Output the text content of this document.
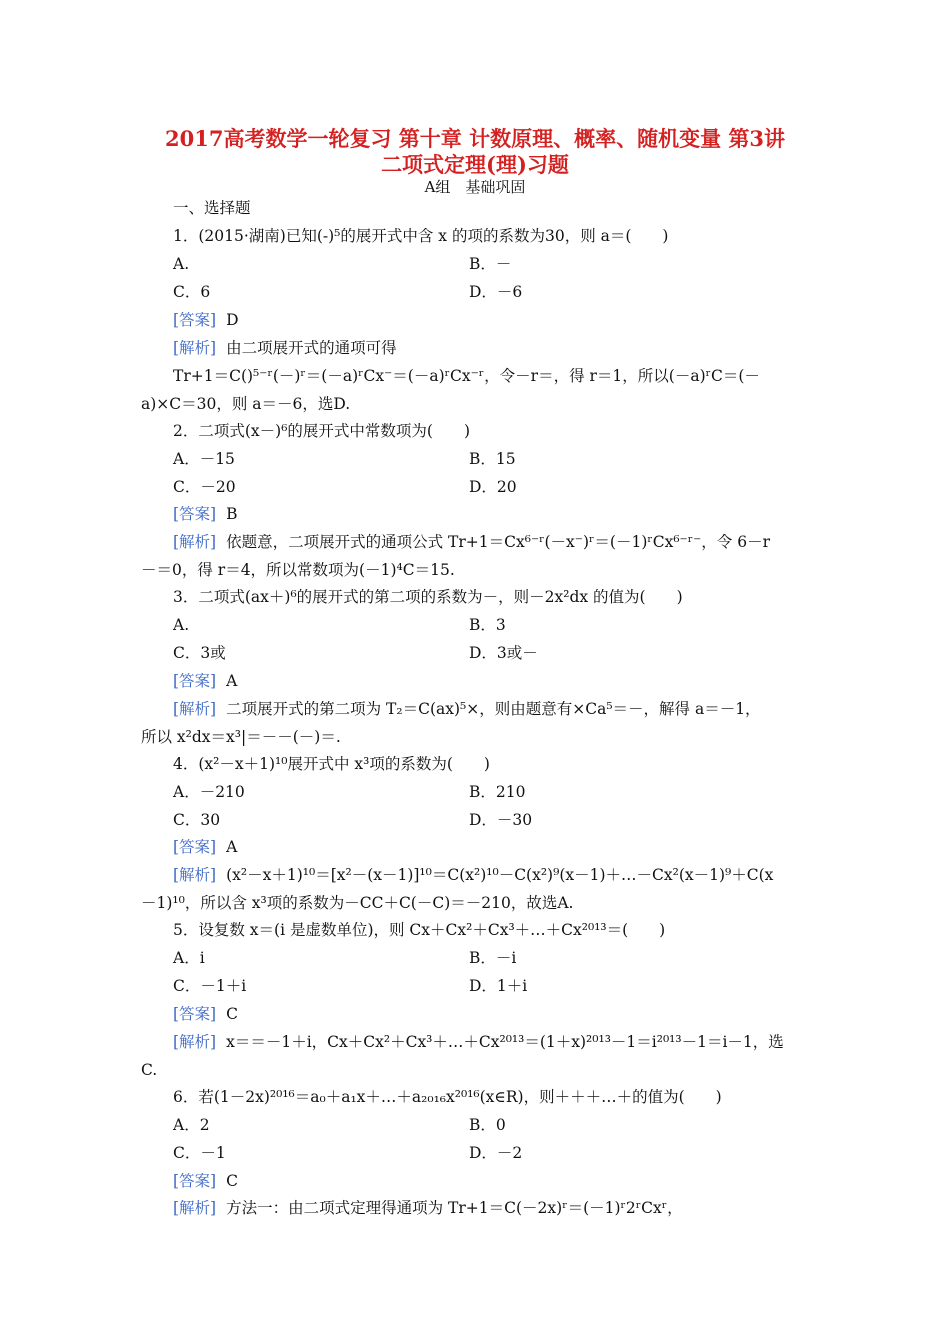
2017高考数学一轮复习 第十章 计数原理、概率、随机变量 第3讲
二项式定理(理)习题
A组　基础巩固
一、选择题
1．(2015·湖南)已知(-)⁵的展开式中含 x 的项的系数为30，则 a＝(　　)
A.	B．－
C．6	D．－6
[答案] D
[解析] 由二项展开式的通项可得
Tr+1＝C()⁵⁻ʳ(－)ʳ＝(－a)ʳCx⁻＝(－a)ʳCx⁻ʳ，令－r＝，得 r＝1，所以(－a)ʳC＝(－
a)×C＝30，则 a＝－6，选D.
2．二项式(x－)⁶的展开式中常数项为(　　)
A．－15	B．15
C．－20	D．20
[答案] B
[解析] 依题意，二项展开式的通项公式 Tr+1＝Cx⁶⁻ʳ(－x⁻)ʳ＝(－1)ʳCx⁶⁻ʳ⁻，令 6－r
－＝0，得 r＝4，所以常数项为(－1)⁴C＝15.
3．二项式(ax＋)⁶的展开式的第二项的系数为－，则－2x²dx 的值为(　　)
A.	B．3
C．3或	D．3或－
[答案] A
[解析] 二项展开式的第二项为 T₂＝C(ax)⁵×，则由题意有×Ca⁵＝－，解得 a＝－1，
所以 x²dx＝x³|＝－－(－)＝.
4．(x²－x＋1)¹⁰展开式中 x³项的系数为(　　)
A．－210	B．210
C．30	D．－30
[答案] A
[解析] (x²－x＋1)¹⁰＝[x²－(x－1)]¹⁰＝C(x²)¹⁰－C(x²)⁹(x－1)＋…－Cx²(x－1)⁹＋C(x
－1)¹⁰，所以含 x³项的系数为－CC＋C(－C)＝－210，故选A.
5．设复数 x＝(i 是虚数单位)，则 Cx＋Cx²＋Cx³＋…＋Cx²⁰¹³＝(　　)
A．i	B．－i
C．－1＋i	D．1＋i
[答案] C
[解析] x＝＝－1＋i，Cx＋Cx²＋Cx³＋…＋Cx²⁰¹³＝(1＋x)²⁰¹³－1＝i²⁰¹³－1＝i－1，选
C.
6．若(1－2x)²⁰¹⁶＝a₀＋a₁x＋…＋a₂₀₁₆x²⁰¹⁶(x∈R)，则＋＋＋…＋的值为(　　)
A．2	B．0
C．－1	D．－2
[答案] C
[解析] 方法一：由二项式定理得通项为 Tr+1＝C(－2x)ʳ＝(－1)ʳ2ʳCxʳ，
